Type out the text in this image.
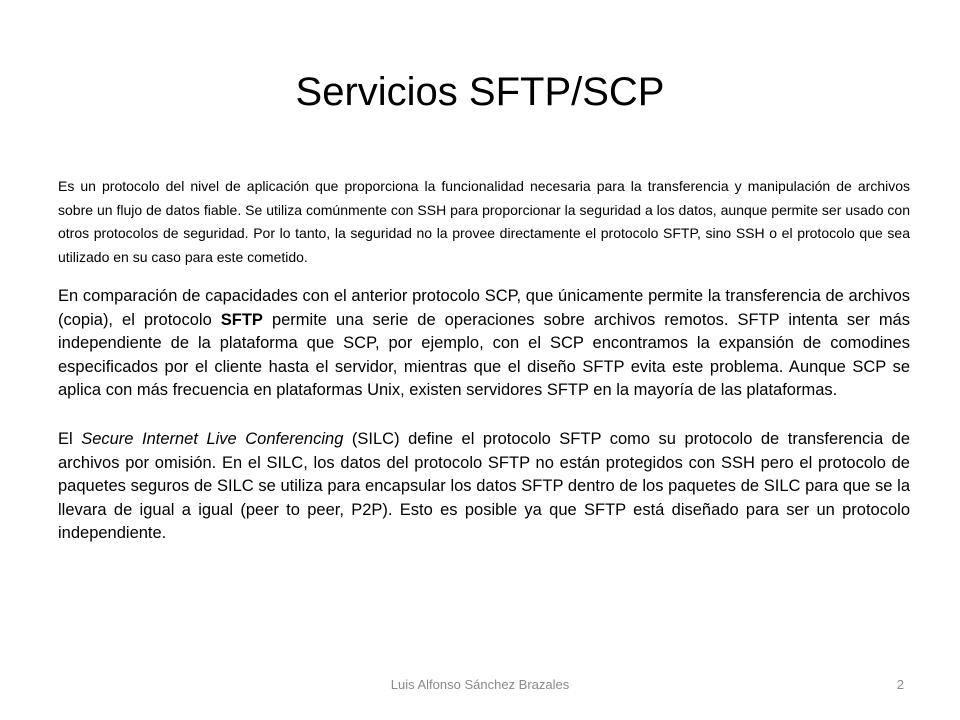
Servicios SFTP/SCP

Es un protocolo del nivel de aplicación que proporciona la funcionalidad necesaria para la transferencia y manipulación de archivos sobre un flujo de datos fiable. Se utiliza comúnmente con SSH para proporcionar la seguridad a los datos, aunque permite ser usado con otros protocolos de seguridad. Por lo tanto, la seguridad no la provee directamente el protocolo SFTP, sino SSH o el protocolo que sea utilizado en su caso para este cometido.

En comparación de capacidades con el anterior protocolo SCP, que únicamente permite la transferencia de archivos (copia), el protocolo SFTP permite una serie de operaciones sobre archivos remotos. SFTP intenta ser más independiente de la plataforma que SCP, por ejemplo, con el SCP encontramos la expansión de comodines especificados por el cliente hasta el servidor, mientras que el diseño SFTP evita este problema. Aunque SCP se aplica con más frecuencia en plataformas Unix, existen servidores SFTP en la mayoría de las plataformas.

El Secure Internet Live Conferencing (SILC) define el protocolo SFTP como su protocolo de transferencia de archivos por omisión. En el SILC, los datos del protocolo SFTP no están protegidos con SSH pero el protocolo de paquetes seguros de SILC se utiliza para encapsular los datos SFTP dentro de los paquetes de SILC para que se la llevara de igual a igual (peer to peer, P2P). Esto es posible ya que SFTP está diseñado para ser un protocolo independiente.

Luis Alfonso Sánchez Brazales	2
